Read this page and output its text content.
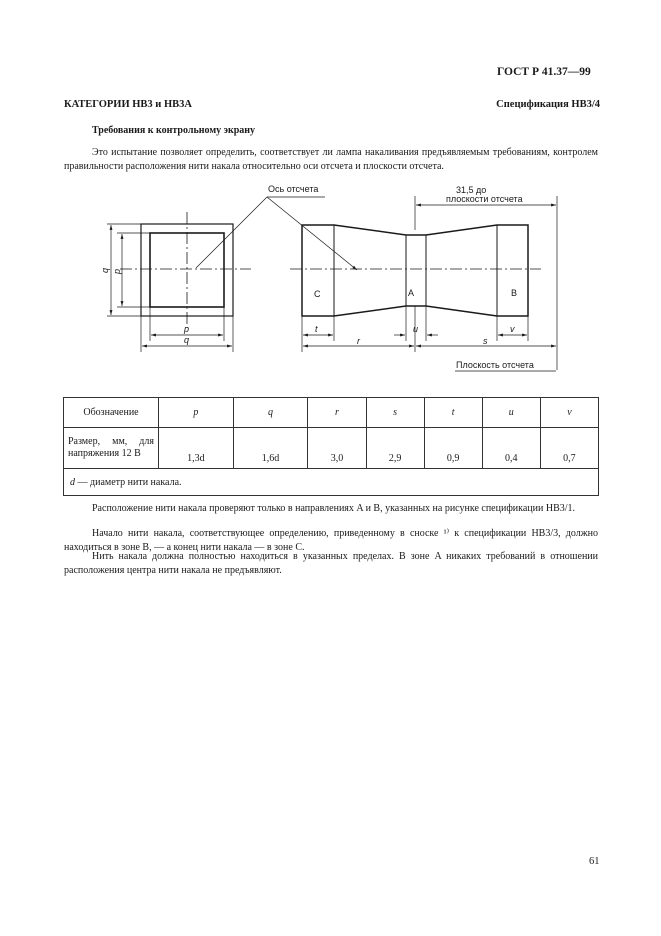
ГОСТ Р 41.37—99
КАТЕГОРИИ НВ3 и НВ3А	Спецификация НВ3/4
Требования к контрольному экрану
Это испытание позволяет определить, соответствует ли лампа накаливания предъявляемым требованиям, контролем правильности расположения нити накала относительно оси отсчета и плоскости отсчета.
Ось отсчета	31,5 до
плоскости отсчета
Плоскость отсчета
C	A	B
q p
p
q
t	u	v
r	s
Обозначение	p	q	r	s	t	u	v
Размер, мм, для напряжения 12 В	1,3d	1,6d	3,0	2,9	0,9	0,4	0,7
d — диаметр нити накала.							
Расположение нити накала проверяют только в направлениях A и B, указанных на рисунке спецификации НВ3/1.
Начало нити накала, соответствующее определению, приведенному в сноске ¹⁾ к спецификации НВ3/3, должно находиться в зоне B, — а конец нити накала — в зоне C.
Нить накала должна полностью находиться в указанных пределах. В зоне A никаких требований в отношении расположения центра нити накала не предъявляют.
61
